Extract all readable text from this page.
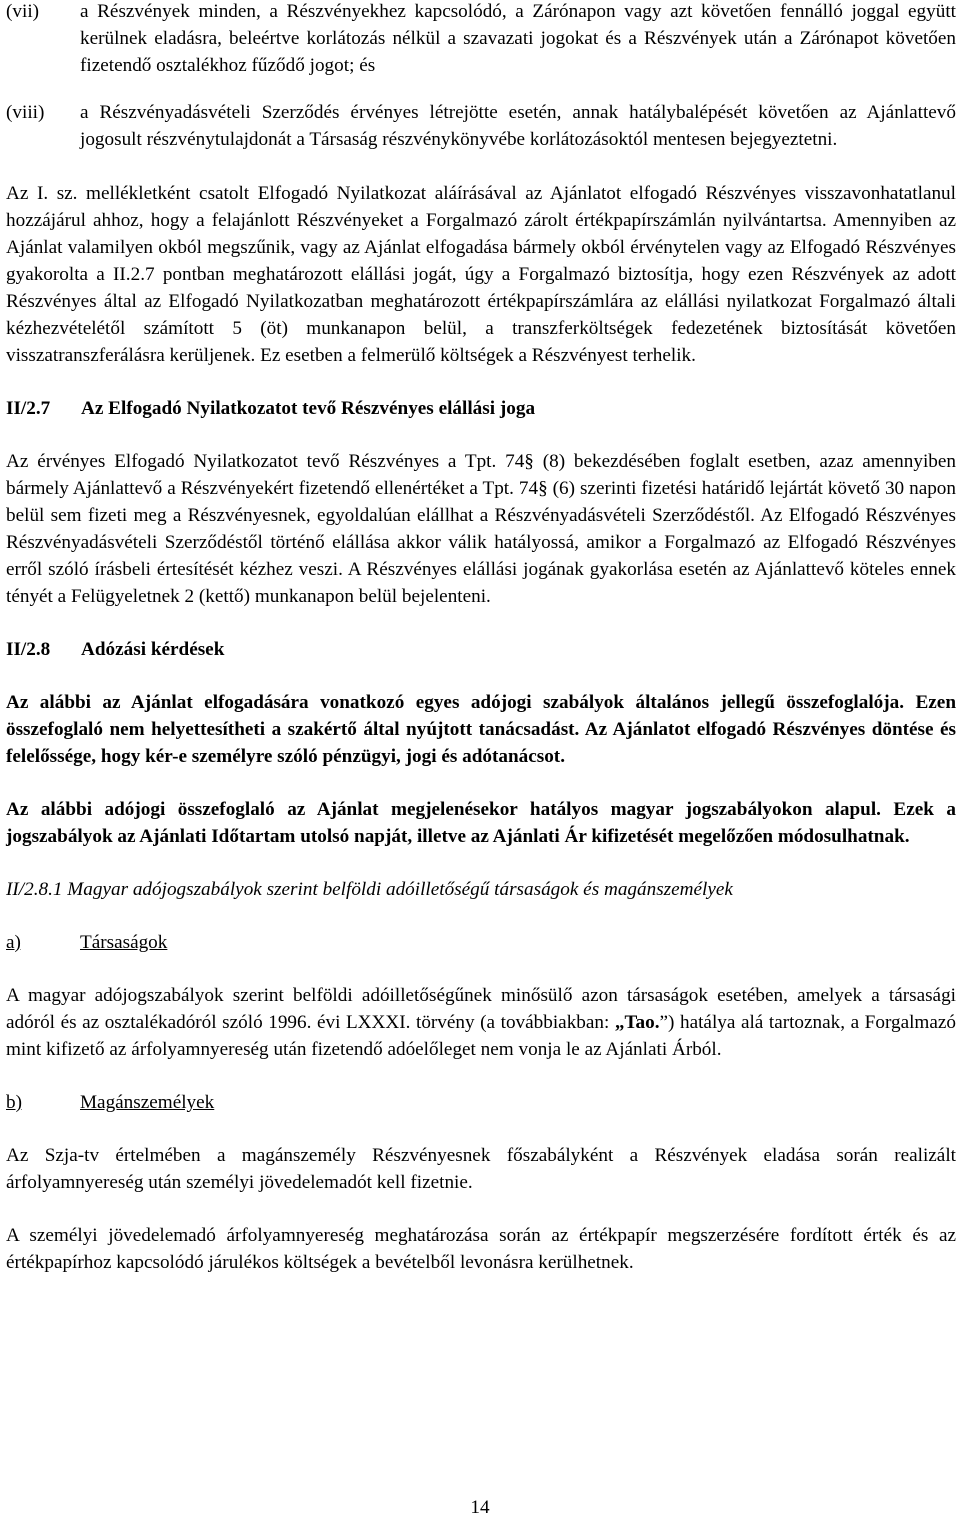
(vii)	a Részvények minden, a Részvényekhez kapcsolódó, a Zárónapon vagy azt követően fennálló joggal együtt kerülnek eladásra, beleértve korlátozás nélkül a szavazati jogokat és a Részvények után a Zárónapot követően fizetendő osztalékhoz fűződő jogot; és
(viii)	a Részvényadásvételi Szerződés érvényes létrejötte esetén, annak hatálybalépését követően az Ajánlattevő jogosult részvénytulajdonát a Társaság részvénykönyvébe korlátozásoktól mentesen bejegyeztetni.

Az I. sz. mellékletként csatolt Elfogadó Nyilatkozat aláírásával az Ajánlatot elfogadó Részvényes visszavonhatatlanul hozzájárul ahhoz, hogy a felajánlott Részvényeket a Forgalmazó zárolt értékpapírszámlán nyilvántartsa. Amennyiben az Ajánlat valamilyen okból megszűnik, vagy az Ajánlat elfogadása bármely okból érvénytelen vagy az Elfogadó Részvényes gyakorolta a II.2.7 pontban meghatározott elállási jogát, úgy a Forgalmazó biztosítja, hogy ezen Részvények az adott Részvényes által az Elfogadó Nyilatkozatban meghatározott értékpapírszámlára az elállási nyilatkozat Forgalmazó általi kézhezvételétől számított 5 (öt) munkanapon belül, a transzferköltségek fedezetének biztosítását követően visszatranszferálásra kerüljenek. Ez esetben a felmerülő költségek a Részvényest terhelik.

II/2.7	Az Elfogadó Nyilatkozatot tevő Részvényes elállási joga

Az érvényes Elfogadó Nyilatkozatot tevő Részvényes a Tpt. 74§ (8) bekezdésében foglalt esetben, azaz amennyiben bármely Ajánlattevő a Részvényekért fizetendő ellenértéket a Tpt. 74§ (6) szerinti fizetési határidő lejártát követő 30 napon belül sem fizeti meg a Részvényesnek, egyoldalúan elállhat a Részvényadásvételi Szerződéstől. Az Elfogadó Részvényes Részvényadásvételi Szerződéstől történő elállása akkor válik hatályossá, amikor a Forgalmazó az Elfogadó Részvényes erről szóló írásbeli értesítését kézhez veszi. A Részvényes elállási jogának gyakorlása esetén az Ajánlattevő köteles ennek tényét a Felügyeletnek 2 (kettő) munkanapon belül bejelenteni.

II/2.8	Adózási kérdések

Az alábbi az Ajánlat elfogadására vonatkozó egyes adójogi szabályok általános jellegű összefoglalója. Ezen összefoglaló nem helyettesítheti a szakértő által nyújtott tanácsadást. Az Ajánlatot elfogadó Részvényes döntése és felelőssége, hogy kér-e személyre szóló pénzügyi, jogi és adótanácsot.

Az alábbi adójogi összefoglaló az Ajánlat megjelenésekor hatályos magyar jogszabályokon alapul. Ezek a jogszabályok az Ajánlati Időtartam utolsó napját, illetve az Ajánlati Ár kifizetését megelőzően módosulhatnak.

II/2.8.1 Magyar adójogszabályok szerint belföldi adóilletőségű társaságok és magánszemélyek

a)	Társaságok

A magyar adójogszabályok szerint belföldi adóilletőségűnek minősülő azon társaságok esetében, amelyek a társasági adóról és az osztalékadóról szóló 1996. évi LXXXI. törvény (a továbbiakban: „Tao.”) hatálya alá tartoznak, a Forgalmazó mint kifizető az árfolyamnyereség után fizetendő adóelőleget nem vonja le az Ajánlati Árból.

b)	Magánszemélyek

Az Szja-tv értelmében a magánszemély Részvényesnek főszabályként a Részvények eladása során realizált árfolyamnyereség után személyi jövedelemadót kell fizetnie.

A személyi jövedelemadó árfolyamnyereség meghatározása során az értékpapír megszerzésére fordított érték és az értékpapírhoz kapcsolódó járulékos költségek a bevételből levonásra kerülhetnek.

14
